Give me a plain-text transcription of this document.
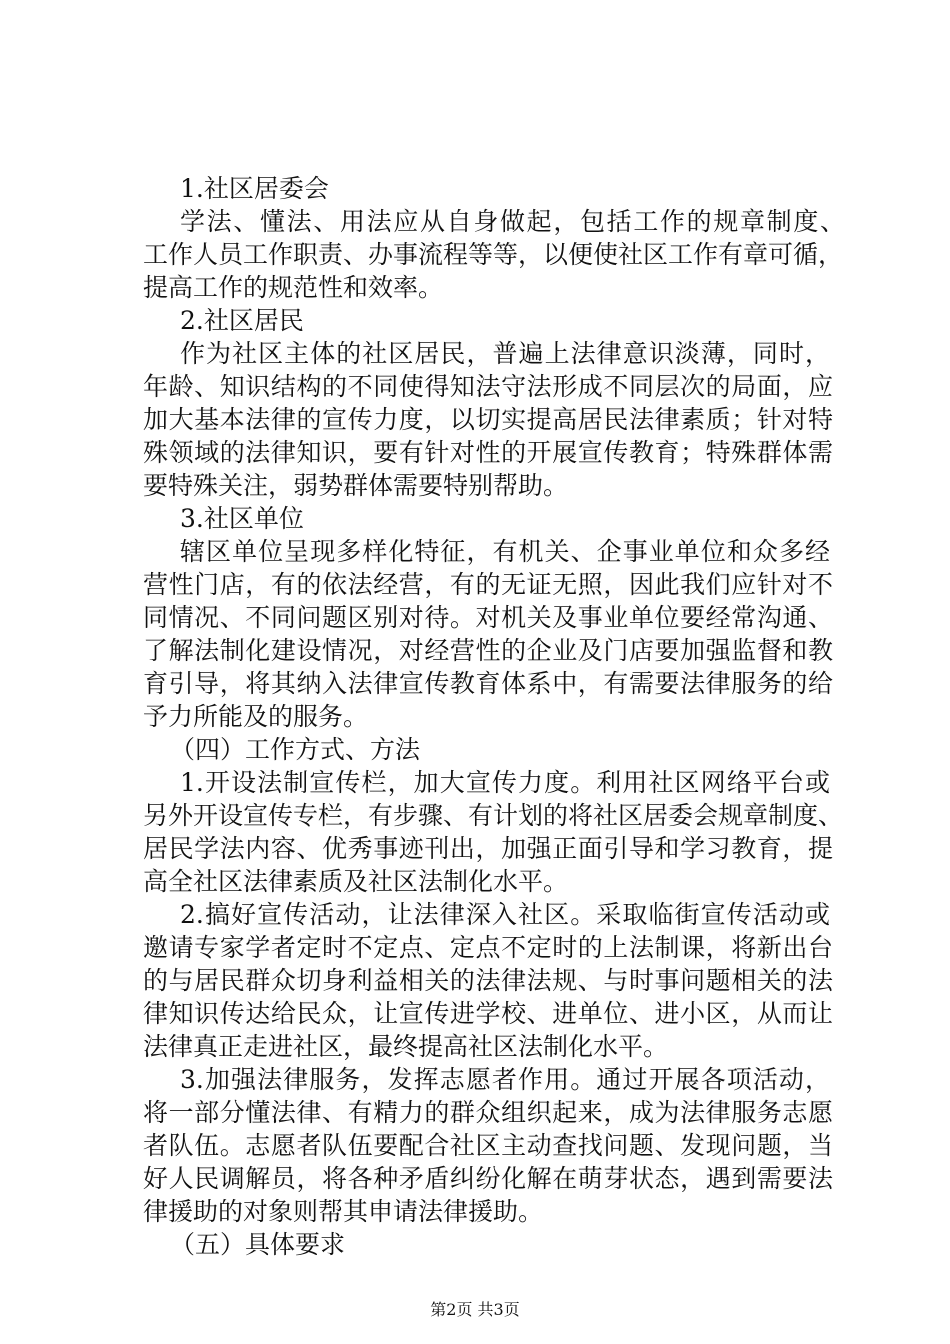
1.社区居委会
学法、懂法、用法应从自身做起，包括工作的规章制度、
工作人员工作职责、办事流程等等，以便使社区工作有章可循，
提高工作的规范性和效率。
2.社区居民
作为社区主体的社区居民，普遍上法律意识淡薄，同时，
年龄、知识结构的不同使得知法守法形成不同层次的局面，应
加大基本法律的宣传力度，以切实提高居民法律素质；针对特
殊领域的法律知识，要有针对性的开展宣传教育；特殊群体需
要特殊关注，弱势群体需要特别帮助。
3.社区单位
辖区单位呈现多样化特征，有机关、企事业单位和众多经
营性门店，有的依法经营，有的无证无照，因此我们应针对不
同情况、不同问题区别对待。对机关及事业单位要经常沟通、
了解法制化建设情况，对经营性的企业及门店要加强监督和教
育引导，将其纳入法律宣传教育体系中，有需要法律服务的给
予力所能及的服务。
（四）工作方式、方法
1.开设法制宣传栏，加大宣传力度。利用社区网络平台或
另外开设宣传专栏，有步骤、有计划的将社区居委会规章制度、
居民学法内容、优秀事迹刊出，加强正面引导和学习教育，提
高全社区法律素质及社区法制化水平。
2.搞好宣传活动，让法律深入社区。采取临街宣传活动或
邀请专家学者定时不定点、定点不定时的上法制课，将新出台
的与居民群众切身利益相关的法律法规、与时事问题相关的法
律知识传达给民众，让宣传进学校、进单位、进小区，从而让
法律真正走进社区，最终提高社区法制化水平。
3.加强法律服务，发挥志愿者作用。通过开展各项活动，
将一部分懂法律、有精力的群众组织起来，成为法律服务志愿
者队伍。志愿者队伍要配合社区主动查找问题、发现问题，当
好人民调解员，将各种矛盾纠纷化解在萌芽状态，遇到需要法
律援助的对象则帮其申请法律援助。
（五）具体要求
第2页 共3页
